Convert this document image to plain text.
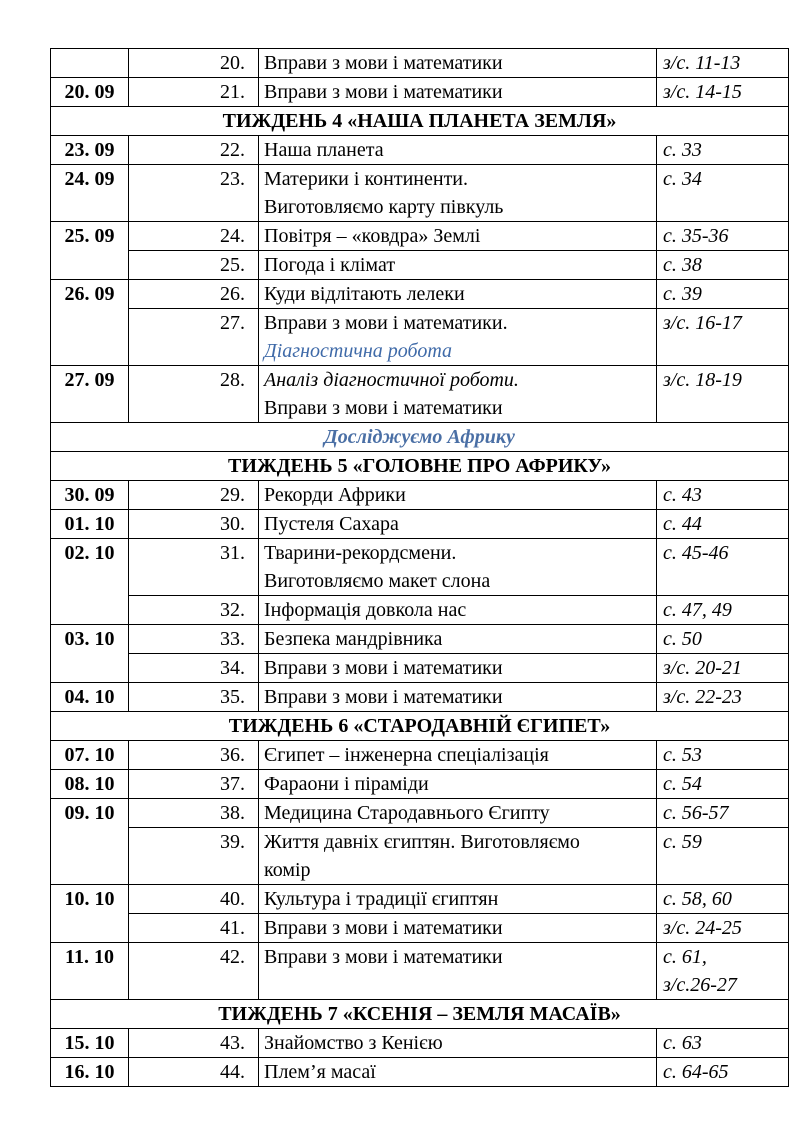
	20.	Вправи з мови і математики	з/с. 11-13

20. 09	21.	Вправи з мови і математики	з/с. 14-15

ТИЖДЕНЬ 4 «НАША ПЛАНЕТА ЗЕМЛЯ»			
23. 09	22.	Наша планета	с. 33

24. 09	23.	Материки і континенти.
Виготовляємо карту півкуль	с. 34

25. 09	24.	Повітря – «ковдра» Землі	с. 35-36

	25.	Погода і клімат	с. 38

26. 09	26.	Куди відлітають лелеки	с. 39

	27.	Вправи з мови і математики.
Діагностична робота	з/с. 16-17

27. 09	28.	Аналіз діагностичної роботи.
Вправи з мови і математики	з/с. 18-19

Досліджуємо Африку			
ТИЖДЕНЬ 5 «ГОЛОВНЕ ПРО АФРИКУ»			
30. 09	29.	Рекорди Африки	с. 43

01. 10	30.	Пустеля Сахара	с. 44

02. 10	31.	Тварини-рекордсмени.
Виготовляємо макет слона	с. 45-46

	32.	Інформація довкола нас	с. 47, 49

03. 10	33.	Безпека мандрівника	с. 50

	34.	Вправи з мови і математики	з/с. 20-21

04. 10	35.	Вправи з мови і математики	з/с. 22-23

ТИЖДЕНЬ 6 «СТАРОДАВНІЙ ЄГИПЕТ»			
07. 10	36.	Єгипет – інженерна спеціалізація	с. 53

08. 10	37.	Фараони і піраміди	с. 54

09. 10	38.	Медицина Стародавнього Єгипту	с. 56-57

	39.	Життя давніх єгиптян. Виготовляємо
комір	с. 59

10. 10	40.	Культура і традиції єгиптян	с. 58, 60

	41.	Вправи з мови і математики	з/с. 24-25

11. 10	42.	Вправи з мови і математики	с. 61,
з/с.26-27

ТИЖДЕНЬ 7 «КСЕНІЯ – ЗЕМЛЯ МАСАЇВ»			
15. 10	43.	Знайомство з Кенією	с. 63

16. 10	44.	Плем’я масаї	с. 64-65
